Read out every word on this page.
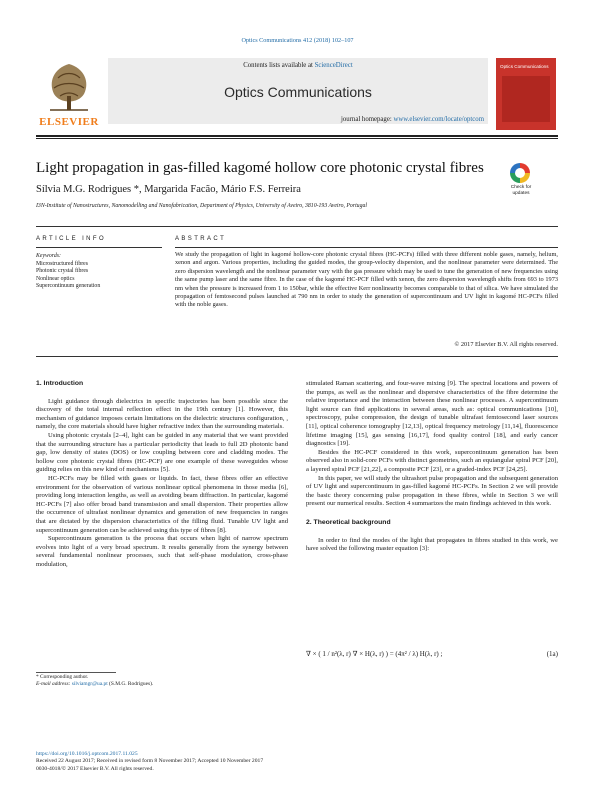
Optics Communications 412 (2018) 102–107
ELSEVIER
Contents lists available at ScienceDirect
Optics Communications
journal homepage: www.elsevier.com/locate/optcom
Optics Communications
Light propagation in gas-filled kagomé hollow core photonic crystal fibres
Sílvia M.G. Rodrigues *, Margarida Facão, Mário F.S. Ferreira
I3N-Institute of Nanostructures, Nanomodelling and Nanofabrication, Department of Physics, University of Aveiro, 3810-193 Aveiro, Portugal
Check for updates
ARTICLE INFO	ABSTRACT
Keywords:
Microstructured fibres
Photonic crystal fibres
Nonlinear optics
Supercontinuum generation
We study the propagation of light in kagomé hollow-core photonic crystal fibres (HC-PCFs) filled with three different noble gases, namely, helium, xenon and argon. Various properties, including the guided modes, the group-velocity dispersion, and the nonlinear parameter were determined. The zero dispersion wavelength and the nonlinear parameter vary with the gas pressure which may be used to tune the generation of new frequencies using the same pump laser and the same fibre. In the case of the kagomé HC-PCF filled with xenon, the zero dispersion wavelength shifts from 693 to 1973 nm when the pressure is increased from 1 to 150bar, while the effective Kerr nonlinearity becomes comparable to that of silica. We have simulated the propagation of femtosecond pulses launched at 790 nm in order to study the generation of supercontinuum and UV light in kagomé HC-PCFs filled with the noble gases.
© 2017 Elsevier B.V. All rights reserved.
1. Introduction

Light guidance through dielectrics in specific trajectories has been possible since the discovery of the total internal reflection effect in the 19th century [1]. However, this mechanism of guidance imposes certain limitations on the dielectric structures configuration, , namely, the core materials should have higher refractive index than the surrounding materials.

Using photonic crystals [2–4], light can be guided in any material that we want provided that the surrounding structure has a particular periodicity that leads to full 2D photonic band gap, low density of states (DOS) or low coupling between core and cladding modes. The hollow core photonic crystal fibres (HC-PCF) are one example of these waveguides whose guiding relies on this new kind of mechanisms [5].

HC-PCFs may be filled with gases or liquids. In fact, these fibres offer an effective environment for the observation of various nonlinear optical phenomena in those media [6], providing long interaction lengths, as well as avoiding beam diffraction. In particular, kagomé HC-PCFs [7] also offer broad band transmission and small dispersion. Their properties allow the occurrence of ultrafast nonlinear dynamics and generation of new frequencies in ranges that are dictated by the dispersion characteristics of the filling fluid. Tunable UV light and supercontinuum generation can be achieved using this type of fibres [8].

Supercontinuum generation is the process that occurs when light of narrow spectrum evolves into light of a very broad spectrum. It results generally from the synergy between several fundamental nonlinear processes, such that self-phase modulation, cross-phase modulation,

stimulated Raman scattering, and four-wave mixing [9]. The spectral locations and powers of the pumps, as well as the nonlinear and dispersive characteristics of the fibre determine the relative importance and the interaction between these nonlinear processes. A supercontinuum light source can find applications in several areas, such as: optical communications [10], spectroscopy, pulse compression, the design of tunable ultrafast femtosecond laser sources [11], optical coherence tomography [12,13], optical frequency metrology [11,14], fluorescence lifetime imaging [15], gas sensing [16,17], food quality control [18], and early cancer diagnostics [19].

Besides the HC-PCF considered in this work, supercontinuum generation has been observed also in solid-core PCFs with distinct geometries, such an equiangular spiral PCF [20], a layered spiral PCF [21,22], a composite PCF [23], or a graded-index PCF [24,25].

In this paper, we will study the ultrashort pulse propagation and the subsequent generation of UV light and supercontinuum in gas-filled kagomé HC-PCFs. In Section 2 we will provide the basic theory concerning pulse propagation in these fibres, while in Section 3 we will present our numerical results. Section 4 summarizes the main findings achieved in this work.

2. Theoretical background

In order to find the modes of the light that propagates in fibres studied in this work, we have solved the following master equation [3]:

∇ × ( 1 / n²(λ, r) ∇ × H(λ, r) ) = (4π² / λ) H(λ, r) ;	(1a)
* Corresponding author.
E-mail address: silviamgr@ua.pt (S.M.G. Rodrigues).
https://doi.org/10.1016/j.optcom.2017.11.025
Received 22 August 2017; Received in revised form 8 November 2017; Accepted 10 November 2017
0030-4018/© 2017 Elsevier B.V. All rights reserved.
